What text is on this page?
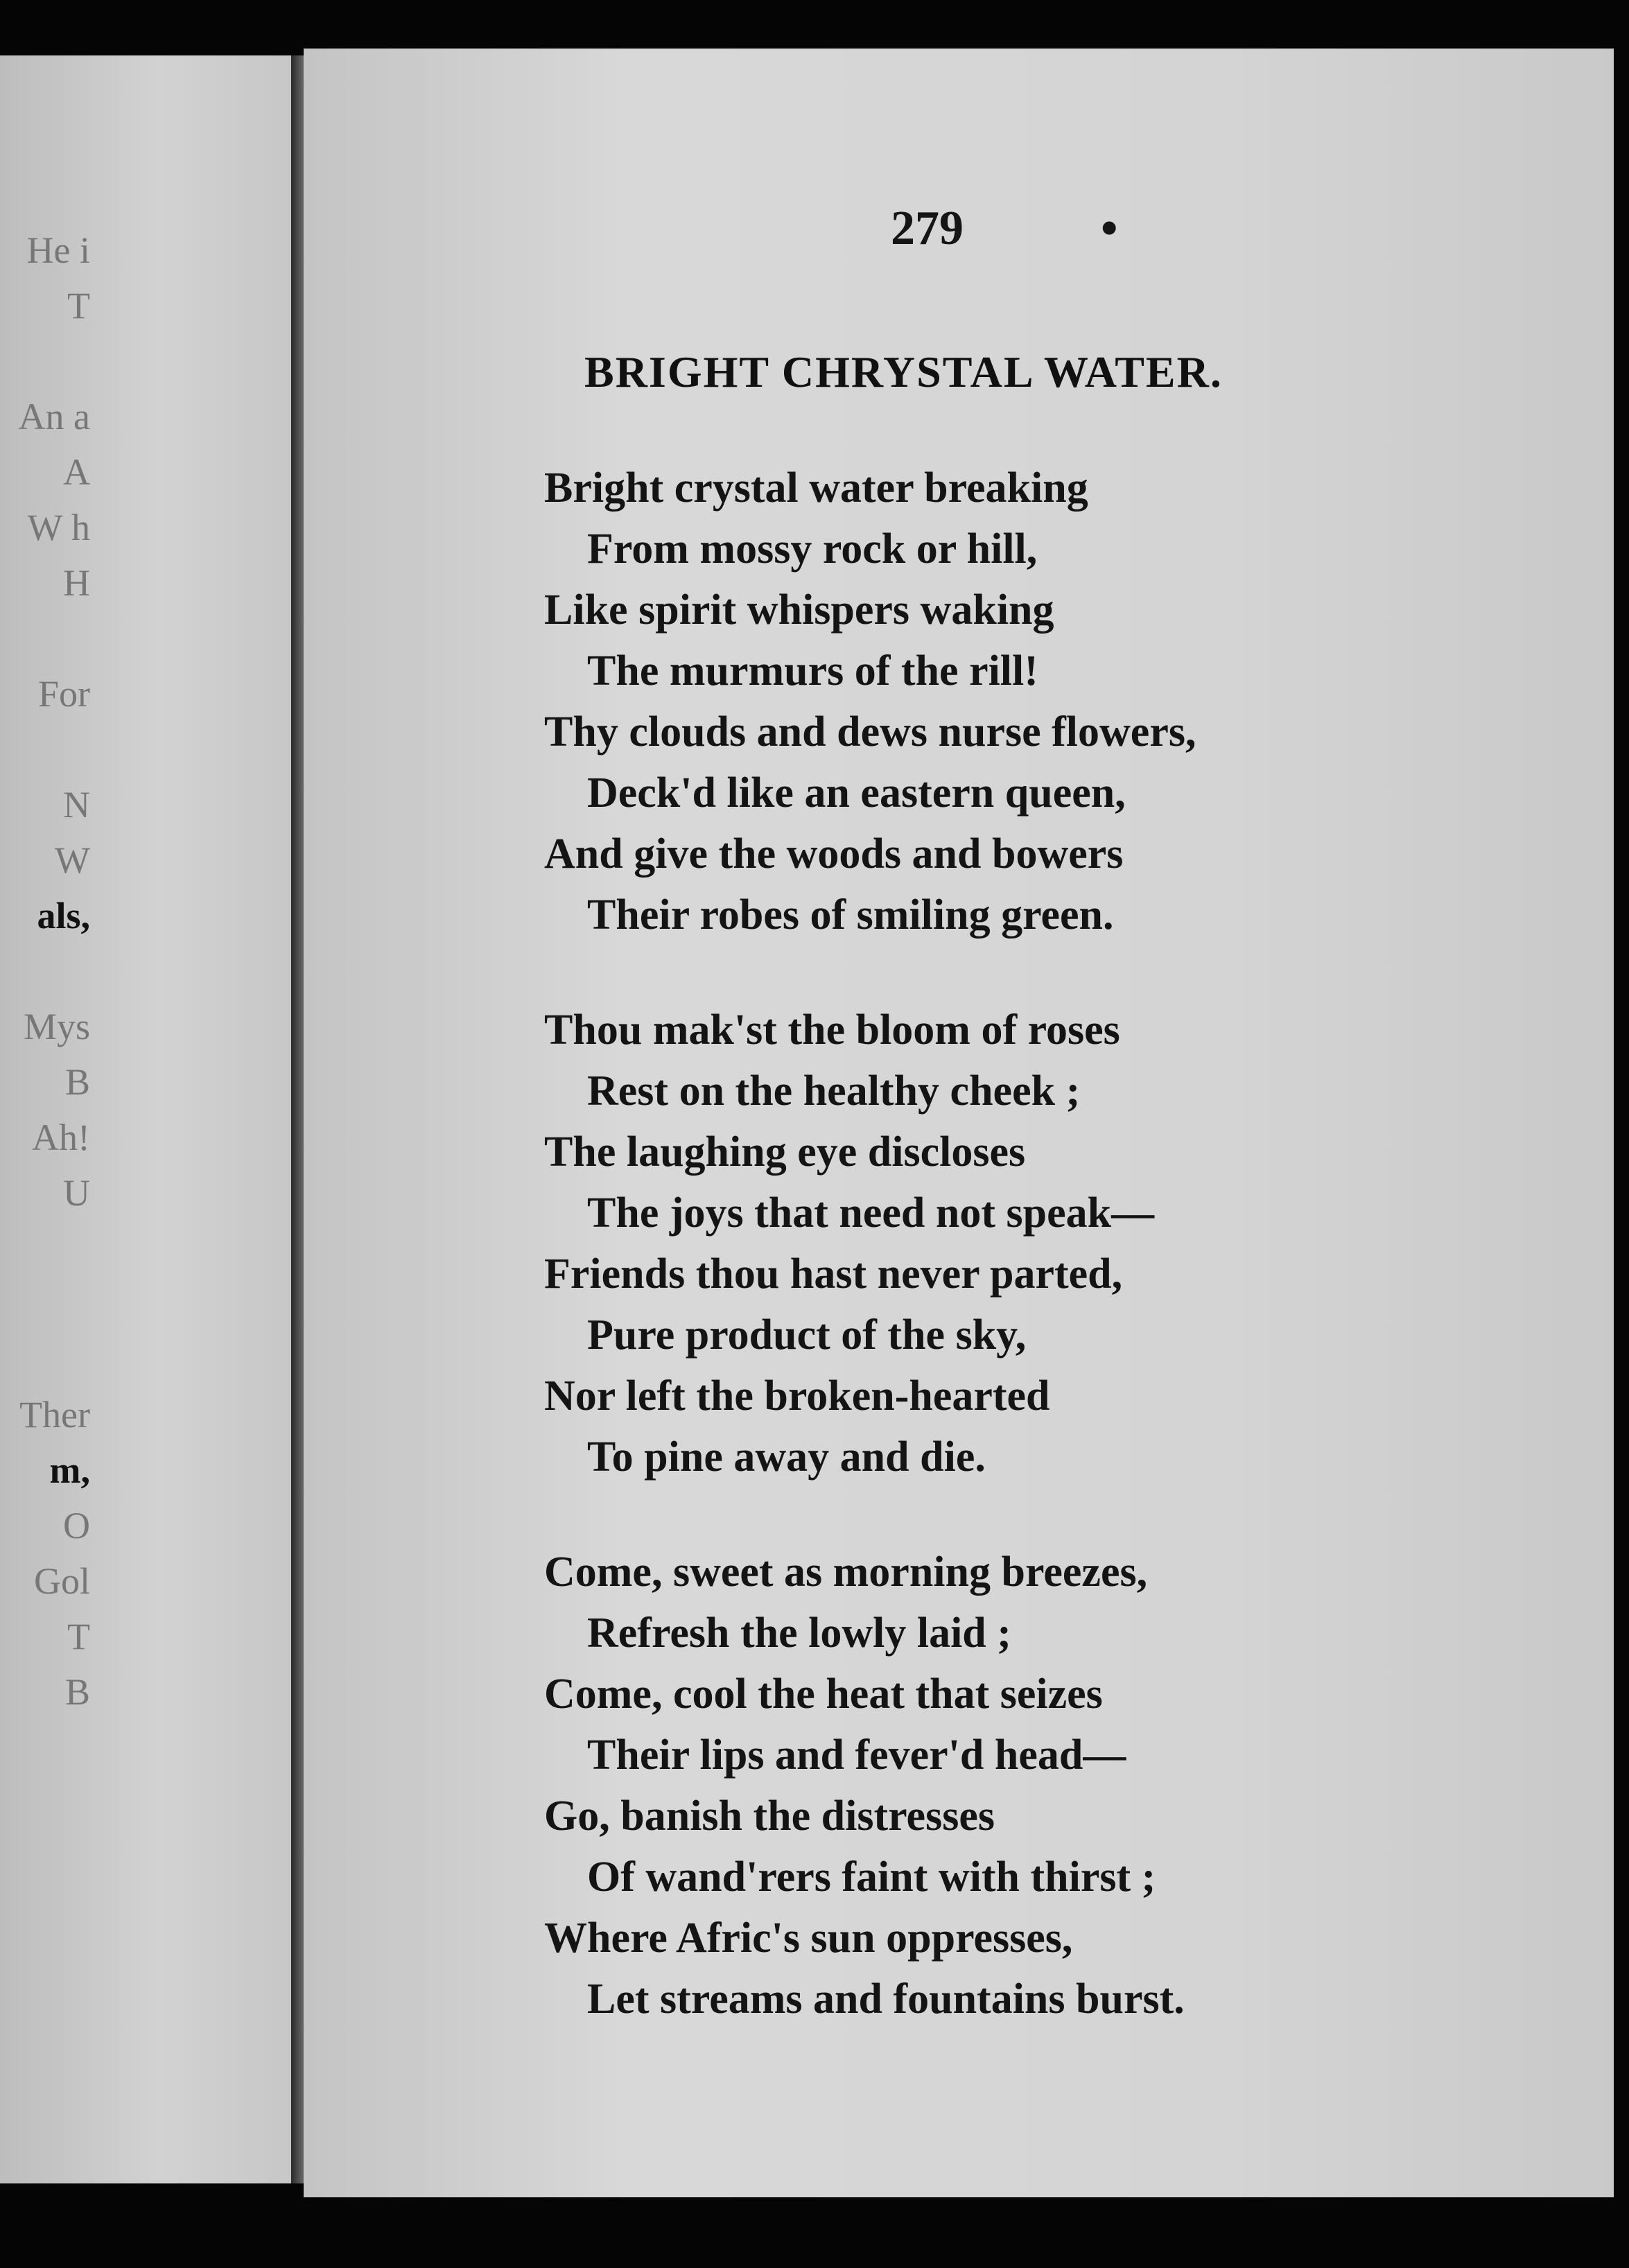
He i
T
An a
A
W h
H
For
N
W
als,
Mys
B
Ah!
U
Ther
m,
O
Gol
T
B
279	•
BRIGHT CHRYSTAL WATER.
Bright crystal water breaking
From mossy rock or hill,
Like spirit whispers waking
The murmurs of the rill!
Thy clouds and dews nurse flowers,
Deck'd like an eastern queen,
And give the woods and bowers
Their robes of smiling green.
Thou mak'st the bloom of roses
Rest on the healthy cheek ;
The laughing eye discloses
The joys that need not speak—
Friends thou hast never parted,
Pure product of the sky,
Nor left the broken-hearted
To pine away and die.
Come, sweet as morning breezes,
Refresh the lowly laid ;
Come, cool the heat that seizes
Their lips and fever'd head—
Go, banish the distresses
Of wand'rers faint with thirst ;
Where Afric's sun oppresses,
Let streams and fountains burst.
